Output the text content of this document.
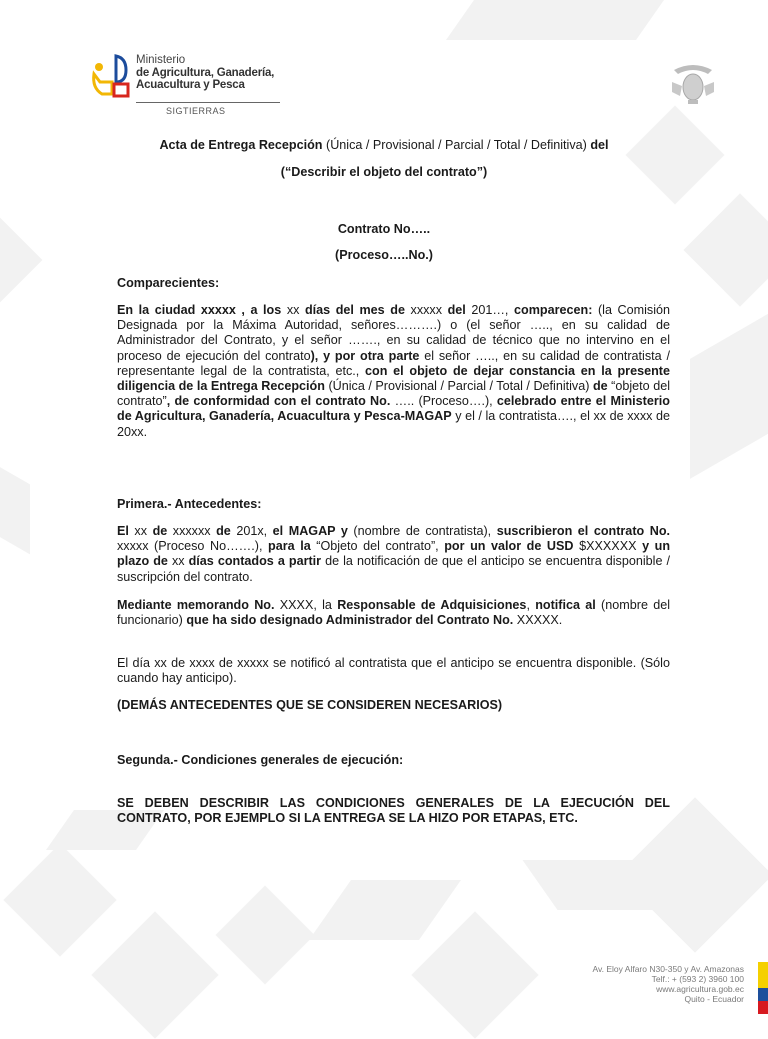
Ministerio
de Agricultura, Ganadería,
Acuacultura y Pesca
SIGTIERRAS

Acta de Entrega Recepción (Única / Provisional / Parcial / Total / Definitiva) del

(“Describir el objeto del contrato”)

Contrato No…..

(Proceso…..No.)

Comparecientes:

En la ciudad xxxxx , a los xx días del mes de xxxxx del 201…, comparecen: (la Comisión Designada por la Máxima Autoridad, señores……….) o (el señor ….., en su calidad de Administrador del Contrato, y el señor ……., en su calidad de técnico que no intervino en el proceso de ejecución del contrato), y por otra parte el señor ….., en su calidad de contratista / representante legal de la contratista, etc., con el objeto de dejar constancia en la presente diligencia de la Entrega Recepción (Única / Provisional / Parcial / Total / Definitiva) de “objeto del contrato”, de conformidad con el contrato No. ….. (Proceso….), celebrado entre el Ministerio de Agricultura, Ganadería, Acuacultura y Pesca-MAGAP y el / la contratista…., el xx de xxxx de 20xx.

Primera.- Antecedentes:

El xx de xxxxxx de 201x, el MAGAP y (nombre de contratista), suscribieron el contrato No. xxxxx (Proceso No…….), para la “Objeto del contrato”, por un valor de USD $XXXXXX y un plazo de xx días contados a partir de la notificación de que el anticipo se encuentra disponible / suscripción del contrato.

Mediante memorando No. XXXX, la Responsable de Adquisiciones, notifica al (nombre del funcionario) que ha sido designado Administrador del Contrato No. XXXXX.

El día xx de xxxx de xxxxx se notificó al contratista que el anticipo se encuentra disponible. (Sólo cuando hay anticipo).

(DEMÁS ANTECEDENTES QUE SE CONSIDEREN NECESARIOS)

Segunda.- Condiciones generales de ejecución:

SE DEBEN DESCRIBIR LAS CONDICIONES GENERALES DE LA EJECUCIÓN DEL CONTRATO, POR EJEMPLO SI LA ENTREGA SE LA HIZO POR ETAPAS, ETC.

Av. Eloy Alfaro N30-350 y Av. Amazonas
Telf.: + (593 2) 3960 100
www.agricultura.gob.ec
Quito - Ecuador
